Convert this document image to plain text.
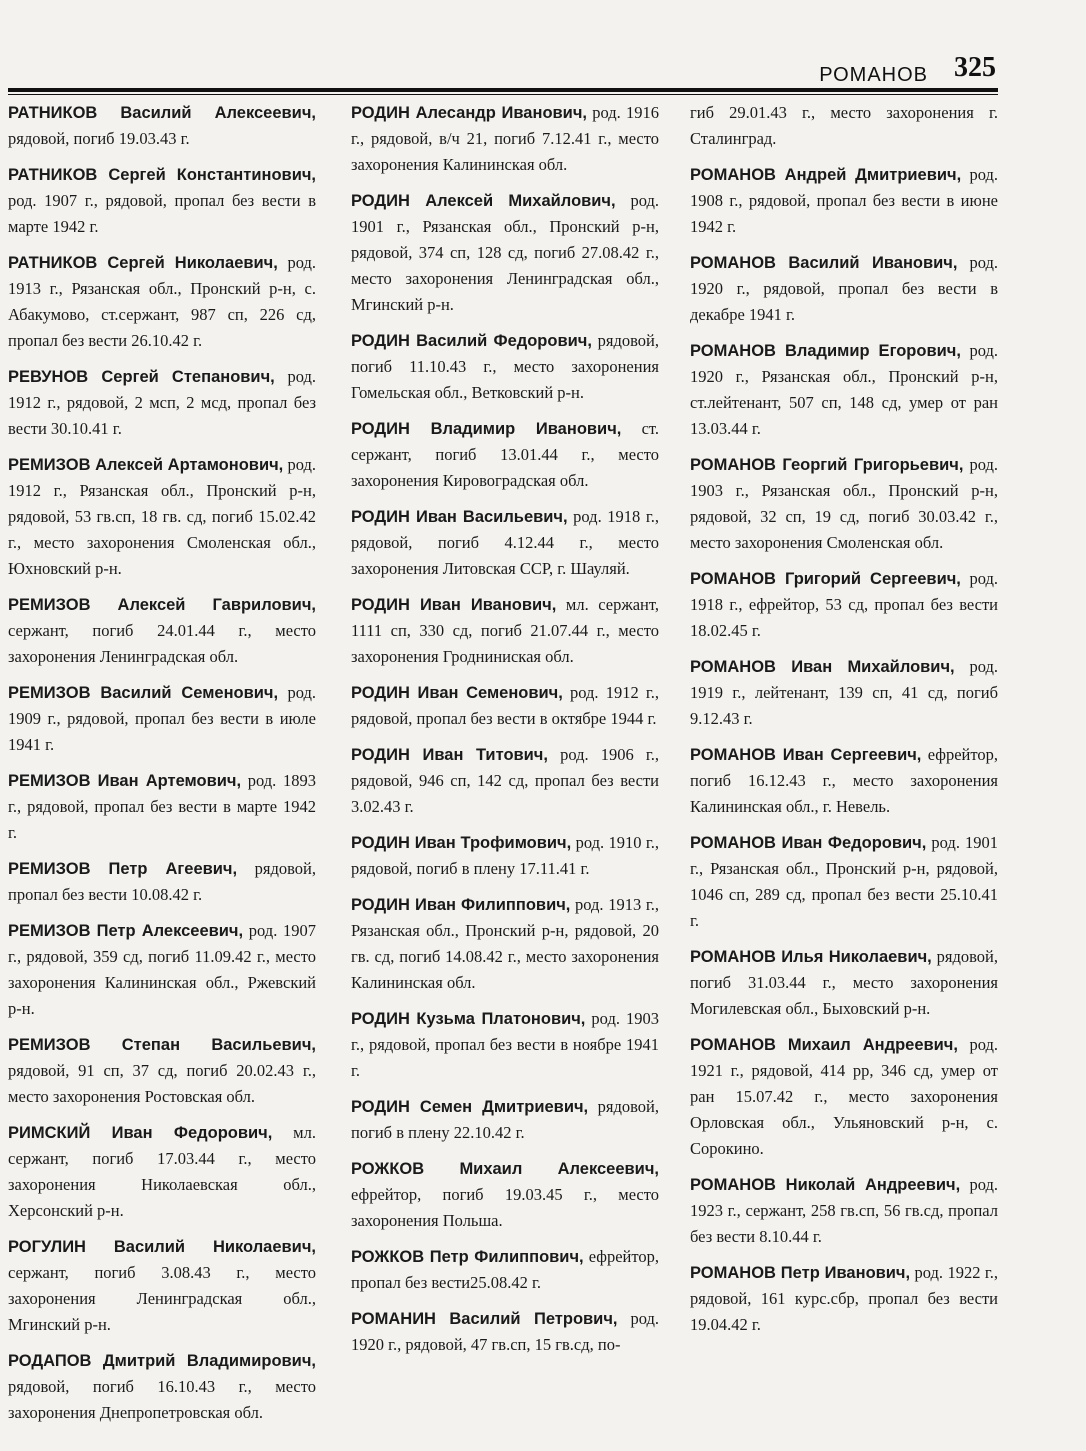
РОМАНОВ 325

РАТНИКОВ Василий Алексеевич, рядовой, погиб 19.03.43 г.

РАТНИКОВ Сергей Константинович, род. 1907 г., рядовой, пропал без вести в марте 1942 г.

РАТНИКОВ Сергей Николаевич, род. 1913 г., Рязанская обл., Пронский р-н, с. Абакумово, ст.сержант, 987 сп, 226 сд, пропал без вести 26.10.42 г.

РЕВУНОВ Сергей Степанович, род. 1912 г., рядовой, 2 мсп, 2 мсд, пропал без вести 30.10.41 г.

РЕМИЗОВ Алексей Артамонович, род. 1912 г., Рязанская обл., Пронский р-н, рядовой, 53 гв.сп, 18 гв. сд, погиб 15.02.42 г., место захоронения Смоленская обл., Юхновский р-н.

РЕМИЗОВ Алексей Гаврилович, сержант, погиб 24.01.44 г., место захоронения Ленинградская обл.

РЕМИЗОВ Василий Семенович, род. 1909 г., рядовой, пропал без вести в июле 1941 г.

РЕМИЗОВ Иван Артемович, род. 1893 г., рядовой, пропал без вести в марте 1942 г.

РЕМИЗОВ Петр Агеевич, рядовой, пропал без вести 10.08.42 г.

РЕМИЗОВ Петр Алексеевич, род. 1907 г., рядовой, 359 сд, погиб 11.09.42 г., место захоронения Калининская обл., Ржевский р-н.

РЕМИЗОВ Степан Васильевич, рядовой, 91 сп, 37 сд, погиб 20.02.43 г., место захоронения Ростовская обл.

РИМСКИЙ Иван Федорович, мл. сержант, погиб 17.03.44 г., место захоронения Николаевская обл., Херсонский р-н.

РОГУЛИН Василий Николаевич, сержант, погиб 3.08.43 г., место захоронения Ленинградская обл., Мгинский р-н.

РОДАПОВ Дмитрий Владимирович, рядовой, погиб 16.10.43 г., место захоронения Днепропетровская обл.

РОДИН Алесандр Иванович, род. 1916 г., рядовой, в/ч 21, погиб 7.12.41 г., место захоронения Калининская обл.

РОДИН Алексей Михайлович, род. 1901 г., Рязанская обл., Пронский р-н, рядовой, 374 сп, 128 сд, погиб 27.08.42 г., место захоронения Ленинградская обл., Мгинский р-н.

РОДИН Василий Федорович, рядовой, погиб 11.10.43 г., место захоронения Гомельская обл., Ветковский р-н.

РОДИН Владимир Иванович, ст. сержант, погиб 13.01.44 г., место захоронения Кировоградская обл.

РОДИН Иван Васильевич, род. 1918 г., рядовой, погиб 4.12.44 г., место захоронения Литовская ССР, г. Шауляй.

РОДИН Иван Иванович, мл. сержант, 1111 сп, 330 сд, погиб 21.07.44 г., место захоронения Гродниниская обл.

РОДИН Иван Семенович, род. 1912 г., рядовой, пропал без вести в октябре 1944 г.

РОДИН Иван Титович, род. 1906 г., рядовой, 946 сп, 142 сд, пропал без вести 3.02.43 г.

РОДИН Иван Трофимович, род. 1910 г., рядовой, погиб в плену 17.11.41 г.

РОДИН Иван Филиппович, род. 1913 г., Рязанская обл., Пронский р-н, рядовой, 20 гв. сд, погиб 14.08.42 г., место захоронения Калининская обл.

РОДИН Кузьма Платонович, род. 1903 г., рядовой, пропал без вести в ноябре 1941 г.

РОДИН Семен Дмитриевич, рядовой, погиб в плену 22.10.42 г.

РОЖКОВ Михаил Алексеевич, ефрейтор, погиб 19.03.45 г., место захоронения Польша.

РОЖКОВ Петр Филиппович, ефрейтор, пропал без вести25.08.42 г.

РОМАНИН Василий Петрович, род. 1920 г., рядовой, 47 гв.сп, 15 гв.сд, по-

гиб 29.01.43 г., место захоронения г. Сталинград.

РОМАНОВ Андрей Дмитриевич, род. 1908 г., рядовой, пропал без вести в июне 1942 г.

РОМАНОВ Василий Иванович, род. 1920 г., рядовой, пропал без вести в декабре 1941 г.

РОМАНОВ Владимир Егорович, род. 1920 г., Рязанская обл., Пронский р-н, ст.лейтенант, 507 сп, 148 сд, умер от ран 13.03.44 г.

РОМАНОВ Георгий Григорьевич, род. 1903 г., Рязанская обл., Пронский р-н, рядовой, 32 сп, 19 сд, погиб 30.03.42 г., место захоронения Смоленская обл.

РОМАНОВ Григорий Сергеевич, род. 1918 г., ефрейтор, 53 сд, пропал без вести 18.02.45 г.

РОМАНОВ Иван Михайлович, род. 1919 г., лейтенант, 139 сп, 41 сд, погиб 9.12.43 г.

РОМАНОВ Иван Сергеевич, ефрейтор, погиб 16.12.43 г., место захоронения Калининская обл., г. Невель.

РОМАНОВ Иван Федорович, род. 1901 г., Рязанская обл., Пронский р-н, рядовой, 1046 сп, 289 сд, пропал без вести 25.10.41 г.

РОМАНОВ Илья Николаевич, рядовой, погиб 31.03.44 г., место захоронения Могилевская обл., Быховский р-н.

РОМАНОВ Михаил Андреевич, род. 1921 г., рядовой, 414 рр, 346 сд, умер от ран 15.07.42 г., место захоронения Орловская обл., Ульяновский р-н, с. Сорокино.

РОМАНОВ Николай Андреевич, род. 1923 г., сержант, 258 гв.сп, 56 гв.сд, пропал без вести 8.10.44 г.

РОМАНОВ Петр Иванович, род. 1922 г., рядовой, 161 курс.сбр, пропал без вести 19.04.42 г.
